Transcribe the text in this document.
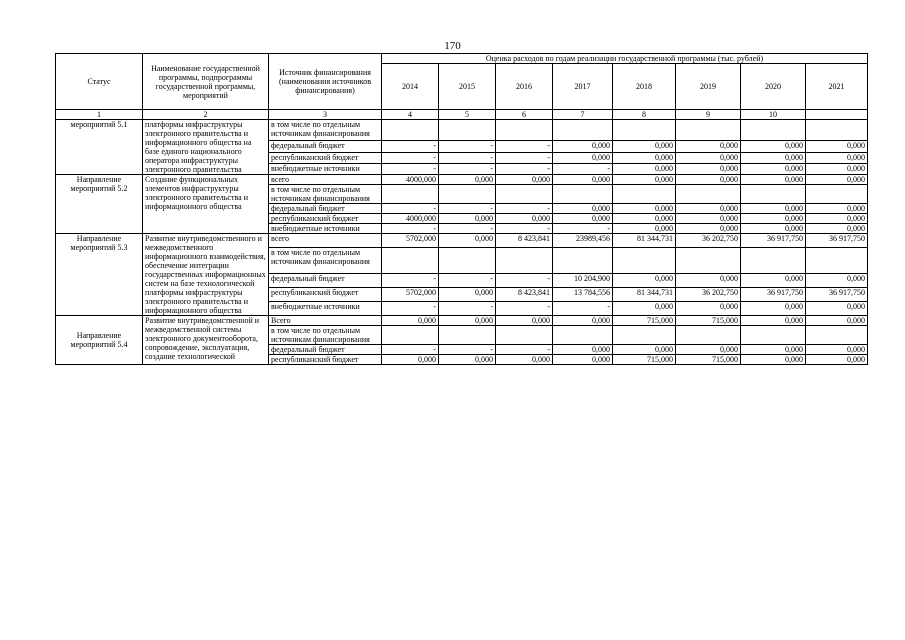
170
Статус	Наименование государственной программы, подпрограммы государственной программы, мероприятий	Источник финансирования (наименования источников финансирования)	Оценка расходов по годам реализации государственной программы (тыс. рублей)							
			2014	2015	2016	2017	2018	2019	2020	2021
1	2	3	4	5	6	7	8	9	10	
мероприятий 5.1	платформы инфраструктуры электронного правительства и информационного общества на базе единого национального оператора инфраструктуры электронного правительства	в том числе по отдельным источникам финансирования								
		федеральный бюджет	-	-	-	0,000	0,000	0,000	0,000	0,000
		республиканский бюджет	-	-	-	0,000	0,000	0,000	0,000	0,000
		внебюджетные источники	-	-	-	-	0,000	0,000	0,000	0,000
Направление мероприятий 5.2	Создание функциональных элементов инфраструктуры электронного правительства и информационного общества	всего	4000,000	0,000	0,000	0,000	0,000	0,000	0,000	0,000
		в том числе по отдельным источникам финансирования								
		федеральный бюджет	-	-	-	0,000	0,000	0,000	0,000	0,000
		республиканский бюджет	4000,000	0,000	0,000	0,000	0,000	0,000	0,000	0,000
		внебюджетные источники	-	-	-	-	0,000	0,000	0,000	0,000
Направление мероприятий 5.3	Развитие внутриведомственного и межведомственного информационного взаимодействия, обеспечение интеграции государственных информационных систем на базе технологической платформы инфраструктуры электронного правительства и информационного общества	всего	5702,000	0,000	8 423,841	23989,456	81 344,731	36 202,750	36 917,750	36 917,750
		в том числе по отдельным источникам финансирования								
		федеральный бюджет	-	-	-	10 204,900	0,000	0,000	0,000	0,000
		республиканский бюджет	5702,000	0,000	8 423,841	13 784,556	81 344,731	36 202,750	36 917,750	36 917,750
		внебюджетные источники	-	-	-	-	0,000	0,000	0,000	0,000
Направление мероприятий 5.4	Развитие внутриведомственной и межведомственной системы электронного документооборота, сопровождение, эксплуатация, создание технологической	Всего	0,000	0,000	0,000	0,000	715,000	715,000	0,000	0,000
		в том числе по отдельным источникам финансирования								
		федеральный бюджет	-	-	-	0,000	0,000	0,000	0,000	0,000
		республиканский бюджет	0,000	0,000	0,000	0,000	715,000	715,000	0,000	0,000
